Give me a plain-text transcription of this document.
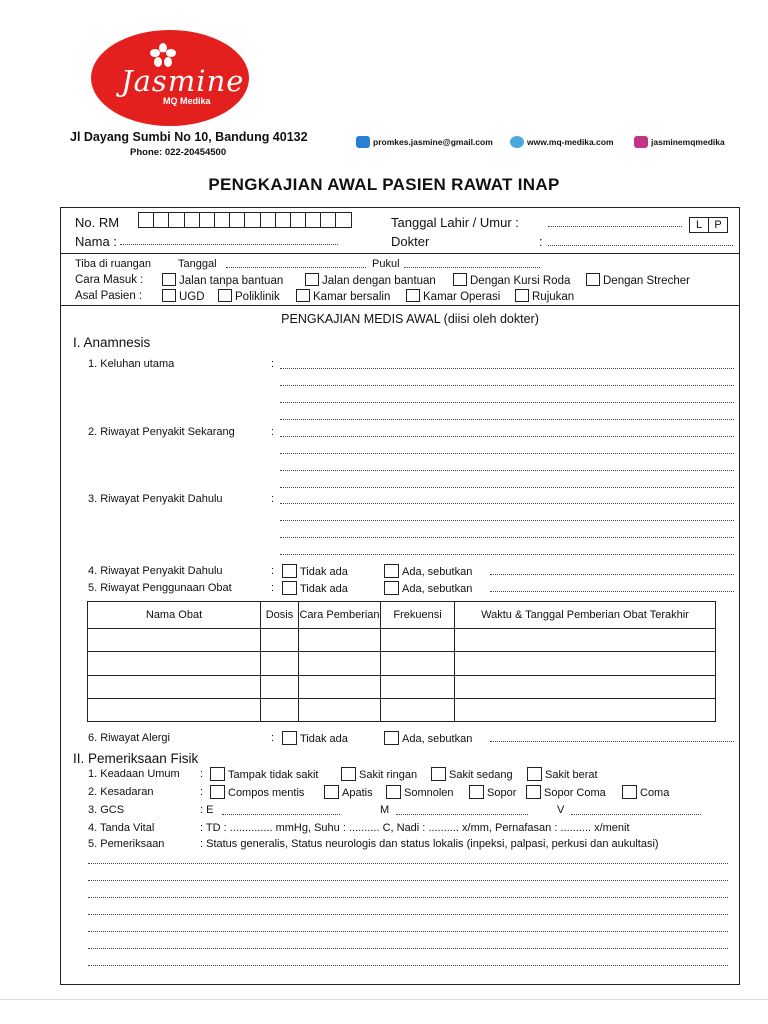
Jasmine
MQ Medika
Jl Dayang Sumbi No 10, Bandung 40132
Phone: 022-20454500
promkes.jasmine@gmail.com	www.mq-medika.com	jasminemqmedika
PENGKAJIAN AWAL PASIEN RAWAT INAP
No. RM
Nama :
Tanggal Lahir / Umur :	L	P
Dokter	:
Tiba di ruangan Tanggal	Pukul
Cara Masuk :	Jalan tanpa bantuan	Jalan dengan bantuan	Dengan Kursi Roda	Dengan Strecher
Asal Pasien :	UGD	Poliklinik	Kamar bersalin	Kamar Operasi	Rujukan
PENGKAJIAN MEDIS AWAL (diisi oleh dokter)
I. Anamnesis
1. Keluhan utama	:
2. Riwayat Penyakit Sekarang	:
3. Riwayat Penyakit Dahulu	:
4. Riwayat Penyakit Dahulu	:	Tidak ada	Ada, sebutkan
5. Riwayat Penggunaan Obat	:	Tidak ada	Ada, sebutkan
Nama Obat	Dosis	Cara Pemberian	Frekuensi	Waktu & Tanggal Pemberian Obat Terakhir

6. Riwayat Alergi	:	Tidak ada	Ada, sebutkan
II. Pemeriksaan Fisik
1. Keadaan Umum :	Tampak tidak sakit	Sakit ringan	Sakit sedang	Sakit berat
2. Kesadaran	:	Compos mentis	Apatis	Somnolen	Sopor	Sopor Coma	Coma
3. GCS	: E	M	V
4. Tanda Vital	: TD : .............. mmHg, Suhu : .......... C, Nadi : .......... x/mm, Pernafasan : .......... x/menit
5. Pemeriksaan	: Status generalis, Status neurologis dan status lokalis (inpeksi, palpasi, perkusi dan aukultasi)
